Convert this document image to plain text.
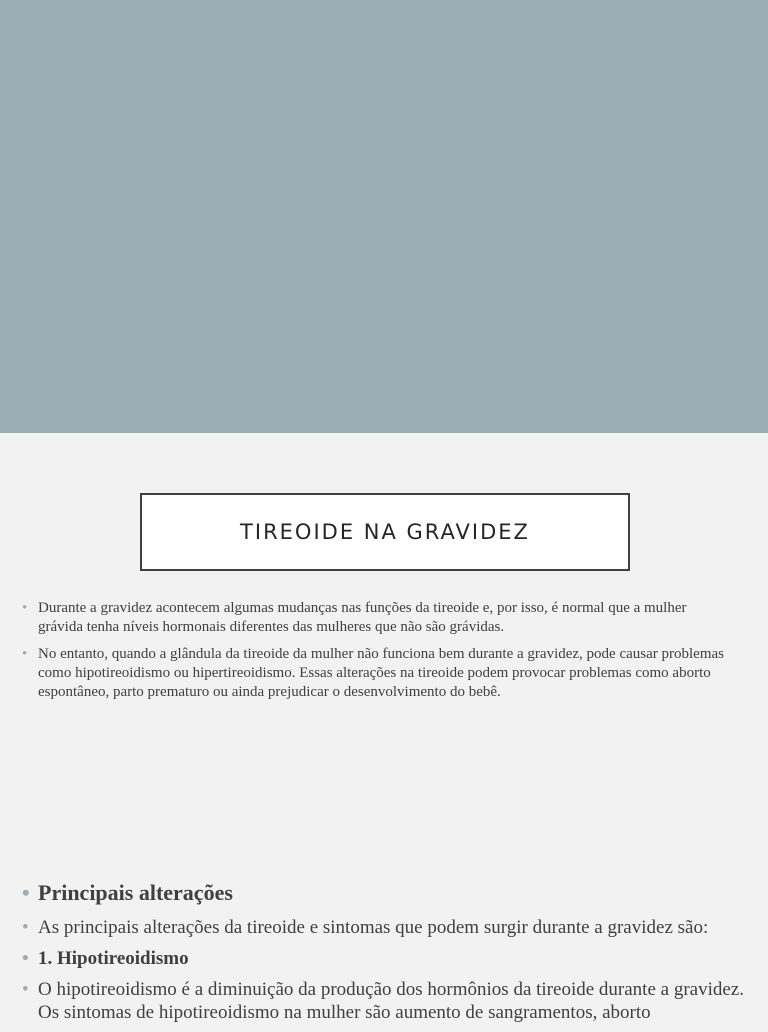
TIREOIDE NA GRAVIDEZ
• Durante a gravidez acontecem algumas mudanças nas funções da tireoide e, por isso, é normal que a mulher grávida tenha níveis hormonais diferentes das mulheres que não são grávidas.
• No entanto, quando a glândula da tireoide da mulher não funciona bem durante a gravidez, pode causar problemas como hipotireoidismo ou hipertireoidismo. Essas alterações na tireoide podem provocar problemas como aborto espontâneo, parto prematuro ou ainda prejudicar o desenvolvimento do bebê.
• Principais alterações
• As principais alterações da tireoide e sintomas que podem surgir durante a gravidez são:
• 1. Hipotireoidismo
• O hipotireoidismo é a diminuição da produção dos hormônios da tireoide durante a gravidez. Os sintomas de hipotireoidismo na mulher são aumento de sangramentos, aborto
